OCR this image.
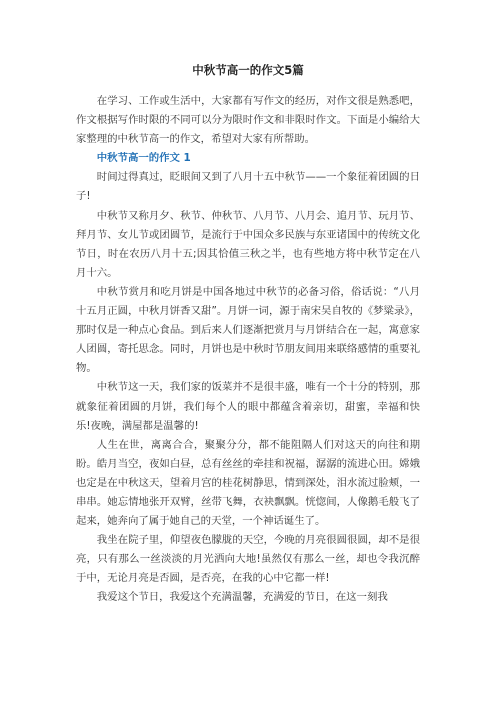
中秋节高一的作文5篇

在学习、工作或生活中，大家都有写作文的经历，对作文很是熟悉吧，作文根据写作时限的不同可以分为限时作文和非限时作文。下面是小编给大家整理的中秋节高一的作文，希望对大家有所帮助。

中秋节高一的作文 1

时间过得真过，眨眼间又到了八月十五中秋节——一个象征着团圆的日子!

中秋节又称月夕、秋节、仲秋节、八月节、八月会、追月节、玩月节、拜月节、女儿节或团圆节，是流行于中国众多民族与东亚诸国中的传统文化节日，时在农历八月十五;因其恰值三秋之半，也有些地方将中秋节定在八月十六。

中秋节赏月和吃月饼是中国各地过中秋节的必备习俗，俗话说：“八月十五月正圆，中秋月饼香又甜”。月饼一词，源于南宋吴自牧的《梦粱录》，那时仅是一种点心食品。到后来人们逐渐把赏月与月饼结合在一起，寓意家人团圆，寄托思念。同时，月饼也是中秋时节朋友间用来联络感情的重要礼物。

中秋节这一天，我们家的饭菜并不是很丰盛，唯有一个十分的特别，那就象征着团圆的月饼，我们每个人的眼中都蕴含着亲切，甜蜜，幸福和快乐!夜晚，满屋都是温馨的!

人生在世，离离合合，聚聚分分，都不能阻隔人们对这天的向往和期盼。皓月当空，夜如白昼，总有丝丝的牵挂和祝福，潺潺的流进心田。嫦娥也定是在中秋这天，望着月宫的桂花树静思，情到深处，泪水流过脸颊，一串串。她忘情地张开双臂，丝带飞舞，衣袂飘飘。恍惚间，人像鹅毛般飞了起来，她奔向了属于她自己的天堂，一个神话诞生了。

我坐在院子里，仰望夜色朦胧的天空，今晚的月亮很圆很圆，却不是很亮，只有那么一丝淡淡的月光洒向大地!虽然仅有那么一丝，却也令我沉醉于中，无论月亮是否圆，是否亮，在我的心中它都一样!

我爱这个节日，我爱这个充满温馨，充满爱的节日，在这一刻我
